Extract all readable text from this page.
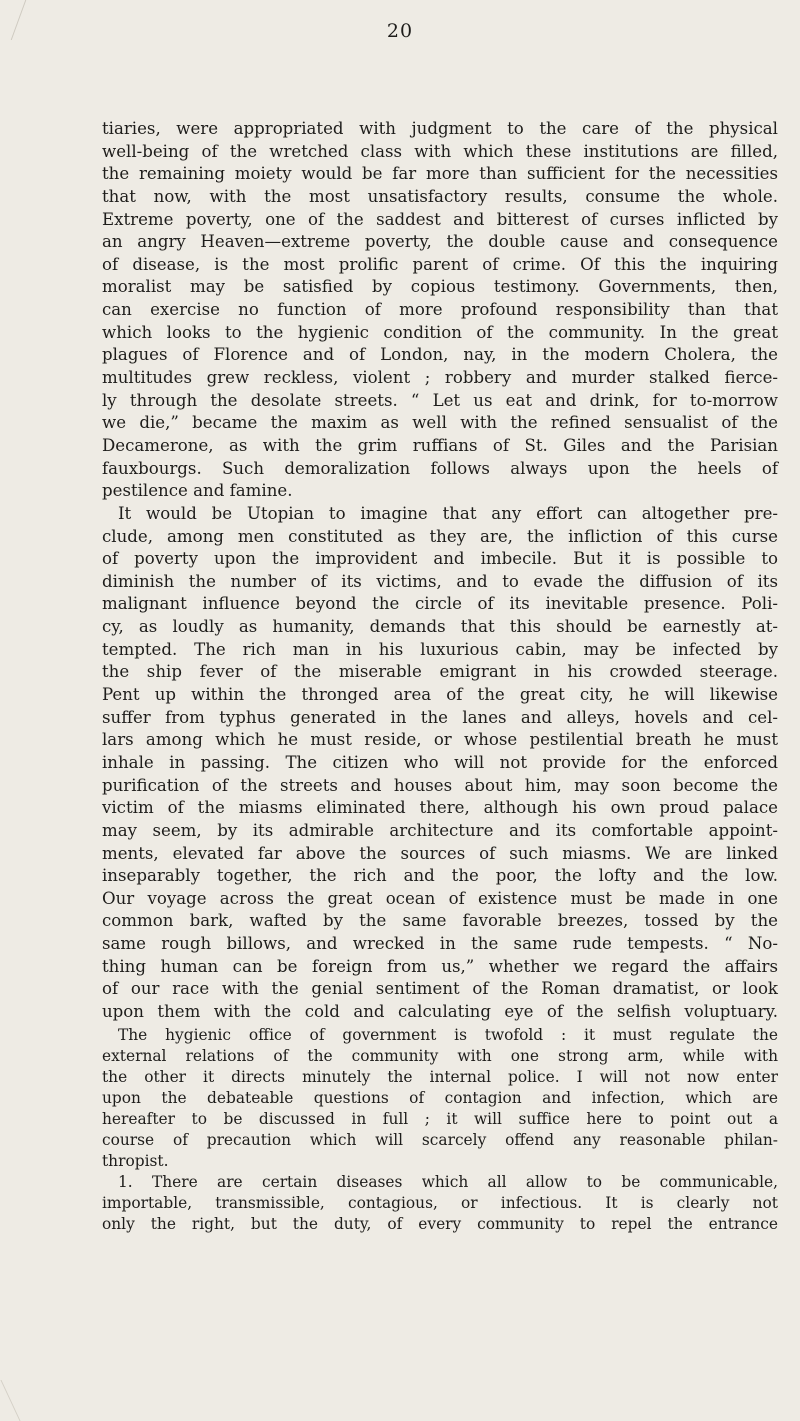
20
tiaries, were appropriated with judgment to the care of the physical
well-being of the wretched class with which these institutions are filled,
the remaining moiety would be far more than sufficient for the necessities
that now, with the most unsatisfactory results, consume the whole.
Extreme poverty, one of the saddest and bitterest of curses inflicted by
an angry Heaven—extreme poverty, the double cause and consequence
of disease, is the most prolific parent of crime. Of this the inquiring
moralist may be satisfied by copious testimony. Governments, then,
can exercise no function of more profound responsibility than that
which looks to the hygienic condition of the community. In the great
plagues of Florence and of London, nay, in the modern Cholera, the
multitudes grew reckless, violent ; robbery and murder stalked fierce-
ly through the desolate streets. “ Let us eat and drink, for to-morrow
we die,” became the maxim as well with the refined sensualist of the
Decamerone, as with the grim ruffians of St. Giles and the Parisian
fauxbourgs. Such demoralization follows always upon the heels of
pestilence and famine.
It would be Utopian to imagine that any effort can altogether pre-
clude, among men constituted as they are, the infliction of this curse
of poverty upon the improvident and imbecile. But it is possible to
diminish the number of its victims, and to evade the diffusion of its
malignant influence beyond the circle of its inevitable presence. Poli-
cy, as loudly as humanity, demands that this should be earnestly at-
tempted. The rich man in his luxurious cabin, may be infected by
the ship fever of the miserable emigrant in his crowded steerage.
Pent up within the thronged area of the great city, he will likewise
suffer from typhus generated in the lanes and alleys, hovels and cel-
lars among which he must reside, or whose pestilential breath he must
inhale in passing. The citizen who will not provide for the enforced
purification of the streets and houses about him, may soon become the
victim of the miasms eliminated there, although his own proud palace
may seem, by its admirable architecture and its comfortable appoint-
ments, elevated far above the sources of such miasms. We are linked
inseparably together, the rich and the poor, the lofty and the low.
Our voyage across the great ocean of existence must be made in one
common bark, wafted by the same favorable breezes, tossed by the
same rough billows, and wrecked in the same rude tempests. “ No-
thing human can be foreign from us,” whether we regard the affairs
of our race with the genial sentiment of the Roman dramatist, or look
upon them with the cold and calculating eye of the selfish voluptuary.
The hygienic office of government is twofold : it must regulate the
external relations of the community with one strong arm, while with
the other it directs minutely the internal police. I will not now enter
upon the debateable questions of contagion and infection, which are
hereafter to be discussed in full ; it will suffice here to point out a
course of precaution which will scarcely offend any reasonable philan-
thropist.
1. There are certain diseases which all allow to be communicable,
importable, transmissible, contagious, or infectious. It is clearly not
only the right, but the duty, of every community to repel the entrance
